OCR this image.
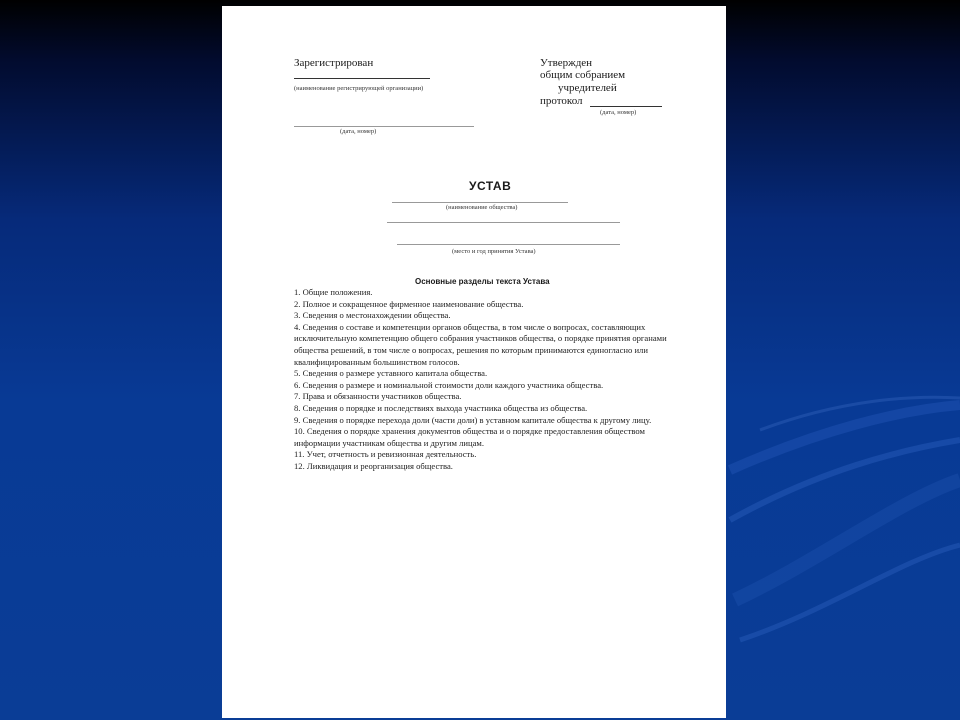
Зарегистрирован
(наименование регистрирующей организации)
(дата, номер)
Утвержден
общим собранием
учредителей
протокол
(дата, номер)
УСТАВ
(наименование общества)
(место и год принятия Устава)
Основные разделы текста Устава
1. Общие положения.
2. Полное и сокращенное фирменное наименование общества.
3. Сведения о местонахождении общества.
4. Сведения о составе и компетенции органов общества, в том числе о вопросах, составляющих исключительную компетенцию общего собрания участников общества, о порядке принятия органами общества решений, в том числе о вопросах, решения по которым принимаются единогласно или квалифицированным большинством голосов.
5. Сведения о размере уставного капитала общества.
6. Сведения о размере и номинальной стоимости доли каждого участника общества.
7. Права и обязанности участников общества.
8. Сведения о порядке и последствиях выхода участника общества из общества.
9. Сведения о порядке перехода доли (части доли) в уставном капитале общества к другому лицу.
10. Сведения о порядке хранения документов общества и о порядке предоставления обществом информации участникам общества и другим лицам.
11. Учет, отчетность и ревизионная деятельность.
12. Ликвидация и реорганизация общества.
